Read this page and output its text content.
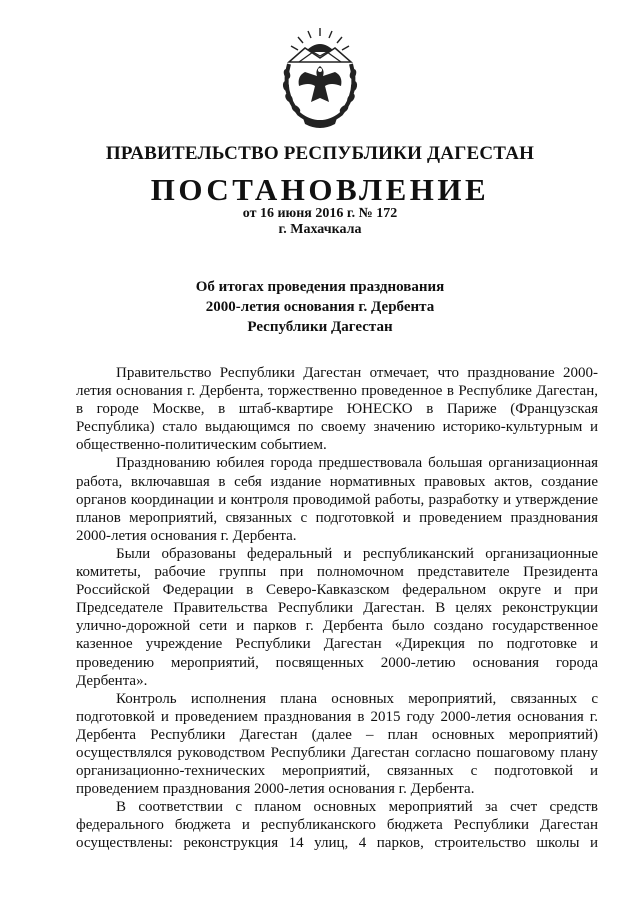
ПРАВИТЕЛЬСТВО РЕСПУБЛИКИ ДАГЕСТАН
ПОСТАНОВЛЕНИЕ
от 16 июня 2016 г. № 172
г. Махачкала
Об итогах проведения празднования
2000-летия основания г. Дербента
Республики Дагестан

Правительство Республики Дагестан отмечает, что празднование 2000-летия основания г. Дербента, торжественно проведенное в Республике Дагестан, в городе Москве, в штаб-квартире ЮНЕСКО в Париже (Французская Республика) стало выдающимся по своему значению историко-культурным и общественно-политическим событием.

Празднованию юбилея города предшествовала большая организационная работа, включавшая в себя издание нормативных правовых актов, создание органов координации и контроля проводимой работы, разработку и утверждение планов мероприятий, связанных с подготовкой и проведением празднования 2000-летия основания г. Дербента.

Были образованы федеральный и республиканский организационные комитеты, рабочие группы при полномочном представителе Президента Российской Федерации в Северо-Кавказском федеральном округе и при Председателе Правительства Республики Дагестан. В целях реконструкции улично-дорожной сети и парков г. Дербента было создано государственное казенное учреждение Республики Дагестан «Дирекция по подготовке и проведению мероприятий, посвященных 2000-летию основания города Дербента».

Контроль исполнения плана основных мероприятий, связанных с подготовкой и проведением празднования в 2015 году 2000-летия основания г. Дербента Республики Дагестан (далее – план основных мероприятий) осуществлялся руководством Республики Дагестан согласно пошаговому плану организационно-технических мероприятий, связанных с подготовкой и проведением празднования 2000-летия основания г. Дербента.

В соответствии с планом основных мероприятий за счет средств федерального бюджета и республиканского бюджета Республики Дагестан осуществлены: реконструкция 14 улиц, 4 парков, строительство школы и
